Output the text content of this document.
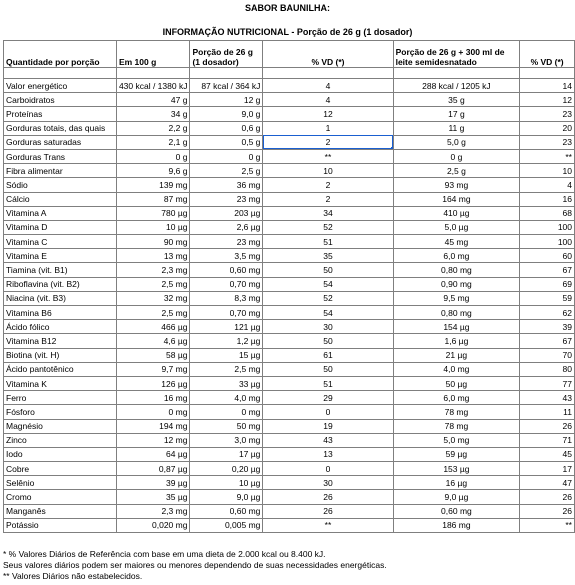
SABOR BAUNILHA:
INFORMAÇÃO NUTRICIONAL - Porção de 26 g (1 dosador)
Quantidade por porção	Em 100 g	Porção de 26 g (1 dosador)	% VD (*)	Porção de 26 g + 300 ml de leite semidesnatado	% VD (*)

Valor energético	430 kcal / 1380 kJ	87 kcal / 364 kJ	4	288 kcal / 1205 kJ	14
Carboidratos	47 g	12 g	4	35 g	12
Proteínas	34 g	9,0 g	12	17 g	23
Gorduras totais, das quais	2,2 g	0,6 g	1	11 g	20
Gorduras saturadas	2,1 g	0,5 g	2	5,0 g	23
Gorduras Trans	0 g	0 g	**	0 g	**
Fibra alimentar	9,6 g	2,5 g	10	2,5 g	10
Sódio	139 mg	36 mg	2	93 mg	4
Cálcio	87 mg	23 mg	2	164 mg	16
Vitamina A	780 µg	203 µg	34	410 µg	68
Vitamina D	10 µg	2,6 µg	52	5,0 µg	100
Vitamina C	90 mg	23 mg	51	45 mg	100
Vitamina E	13 mg	3,5 mg	35	6,0 mg	60
Tiamina (vit. B1)	2,3 mg	0,60 mg	50	0,80 mg	67
Riboflavina (vit. B2)	2,5 mg	0,70 mg	54	0,90 mg	69
Niacina (vit. B3)	32 mg	8,3 mg	52	9,5 mg	59
Vitamina B6	2,5 mg	0,70 mg	54	0,80 mg	62
Ácido fólico	466 µg	121 µg	30	154 µg	39
Vitamina B12	4,6 µg	1,2 µg	50	1,6 µg	67
Biotina (vit. H)	58 µg	15 µg	61	21 µg	70
Ácido pantotênico	9,7 mg	2,5 mg	50	4,0 mg	80
Vitamina K	126 µg	33 µg	51	50 µg	77
Ferro	16 mg	4,0 mg	29	6,0 mg	43
Fósforo	0 mg	0 mg	0	78 mg	11
Magnésio	194 mg	50 mg	19	78 mg	26
Zinco	12 mg	3,0 mg	43	5,0 mg	71
Iodo	64 µg	17 µg	13	59 µg	45
Cobre	0,87 µg	0,20 µg	0	153 µg	17
Selênio	39 µg	10 µg	30	16 µg	47
Cromo	35 µg	9,0 µg	26	9,0 µg	26
Manganês	2,3 mg	0,60 mg	26	0,60 mg	26
Potássio	0,020 mg	0,005 mg	**	186 mg	**
* % Valores Diários de Referência com base em uma dieta de 2.000 kcal ou 8.400 kJ.
Seus valores diários podem ser maiores ou menores dependendo de suas necessidades energéticas.
** Valores Diários não estabelecidos.
